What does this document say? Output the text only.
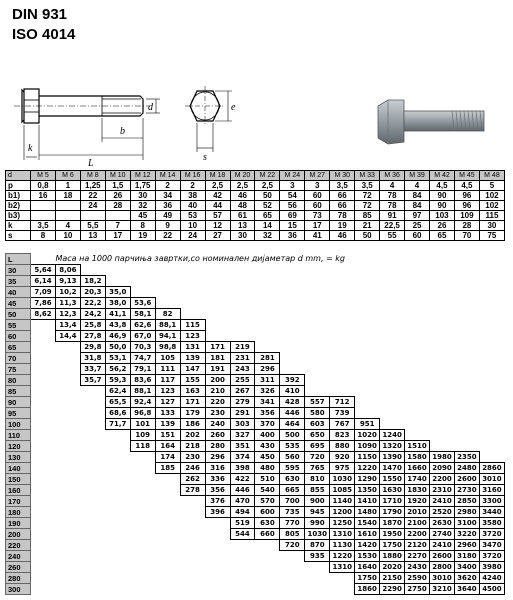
DIN 931
ISO 4014
k
L
b
d	e
s
d	M 5	M 6	M 8	M 10	M 12	M 14	M 16	M 18	M 20	M 22	M 24	M 27	M 30	M 33	M 36	M 39	M 42	M 45	M 48
p	0,8	1	1,25	1,5	1,75	2	2	2,5	2,5	2,5	3	3	3,5	3,5	4	4	4,5	4,5	5
b1)	16	18	22	26	30	34	38	42	46	50	54	60	66	72	78	84	90	96	102
b2)			24	28	32	36	40	44	48	52	56	60	66	72	78	84	90	96	102
b3)					45	49	53	57	61	65	69	73	78	85	91	97	103	109	115
k	3,5	4	5,5	7	8	9	10	12	13	14	15	17	19	21	22,5	25	26	28	30
s	8	10	13	17	19	22	24	27	30	32	36	41	46	50	55	60	65	70	75
L		Маса на 1000 парчиња завртки,со номинален дијаметар d mm, = kg																	
30	5,64	8,06																	
35	6,14	9,13	18,2																
40	7,09	10,2	20,3	35,0															
45	7,86	11,3	22,2	38,0	53,6														
50	8,62	12,3	24,2	41,1	58,1	82													
55		13,4	25,8	43,8	62,6	88,1	115												
60		14,4	27,8	46,9	67,0	94,1	123												
65			29,8	50,0	70,3	98,8	131	171	219										
70			31,8	53,1	74,7	105	139	181	231	281									
75			33,7	56,2	79,1	111	147	191	243	296									
80			35,7	59,3	83,6	117	155	200	255	311	392								
85				62,4	88,1	123	163	210	267	326	410								
90				65,5	92,4	127	171	220	279	341	428	557	712						
95				68,6	96,8	133	179	230	291	356	446	580	739						
100				71,7	101	139	186	240	303	370	464	603	767	951					
110					109	151	202	260	327	400	500	650	823	1020	1240				
120					118	164	218	280	351	430	535	695	880	1090	1320	1510			
130						174	230	296	374	450	560	720	920	1150	1390	1580	1980	2350	
140						185	246	316	398	480	595	765	975	1220	1470	1660	2090	2480	2860
150							262	336	422	510	630	810	1030	1290	1550	1740	2200	2600	3010
160							278	356	446	540	665	855	1085	1350	1630	1830	2310	2730	3160
170								376	470	570	700	900	1140	1410	1710	1920	2410	2850	3300
180								396	494	600	735	945	1200	1480	1790	2010	2520	2980	3440
190									519	630	770	990	1250	1540	1870	2100	2630	3100	3580
200									544	660	805	1030	1310	1610	1950	2200	2740	3220	3720
220											720	870	1130	1420	1750	2120	2410	2960	3470
240												935	1220	1530	1880	2270	2600	3180	3720
260													1310	1640	2020	2430	2800	3400	3980
280														1750	2150	2590	3010	3620	4240
300														1860	2290	2750	3210	3640	4500
